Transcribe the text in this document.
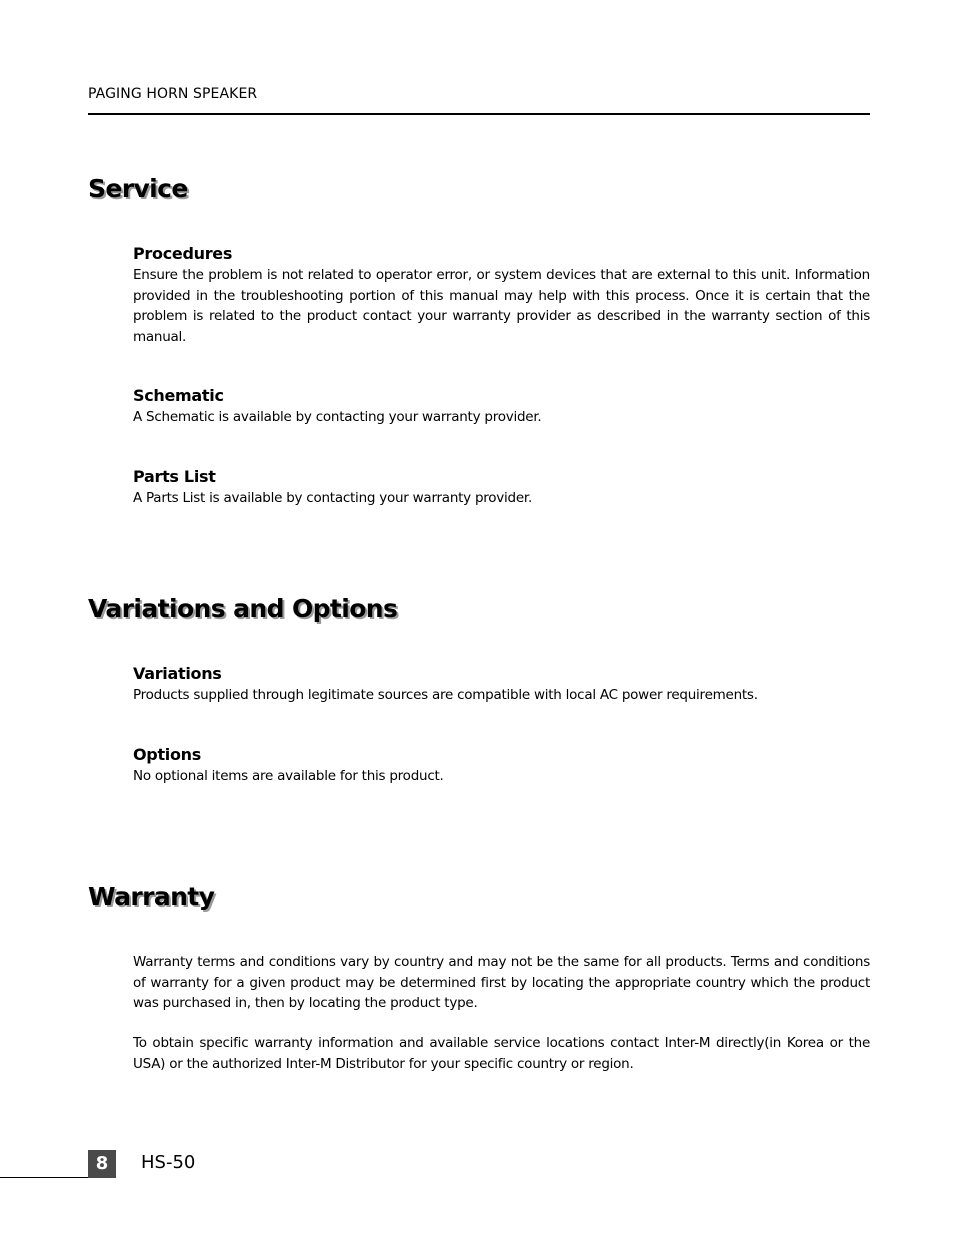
PAGING HORN SPEAKER
Service
Procedures

Ensure the problem is not related to operator error, or system devices that are external to this unit. Information provided in the troubleshooting portion of this manual may help with this process. Once it is certain that the problem is related to the product contact your warranty provider as described in the warranty section of this manual.

Schematic

A Schematic is available by contacting your warranty provider.

Parts List

A Parts List is available by contacting your warranty provider.

Variations and Options
Variations

Products supplied through legitimate sources are compatible with local AC power requirements.

Options

No optional items are available for this product.

Warranty

Warranty terms and conditions vary by country and may not be the same for all products. Terms and conditions of warranty for a given product may be determined first by locating the appropriate country which the product was purchased in, then by locating the product type.

To obtain specific warranty information and available service locations contact Inter-M directly(in Korea or the USA) or the authorized Inter-M Distributor for your specific country or region.

8	HS-50
